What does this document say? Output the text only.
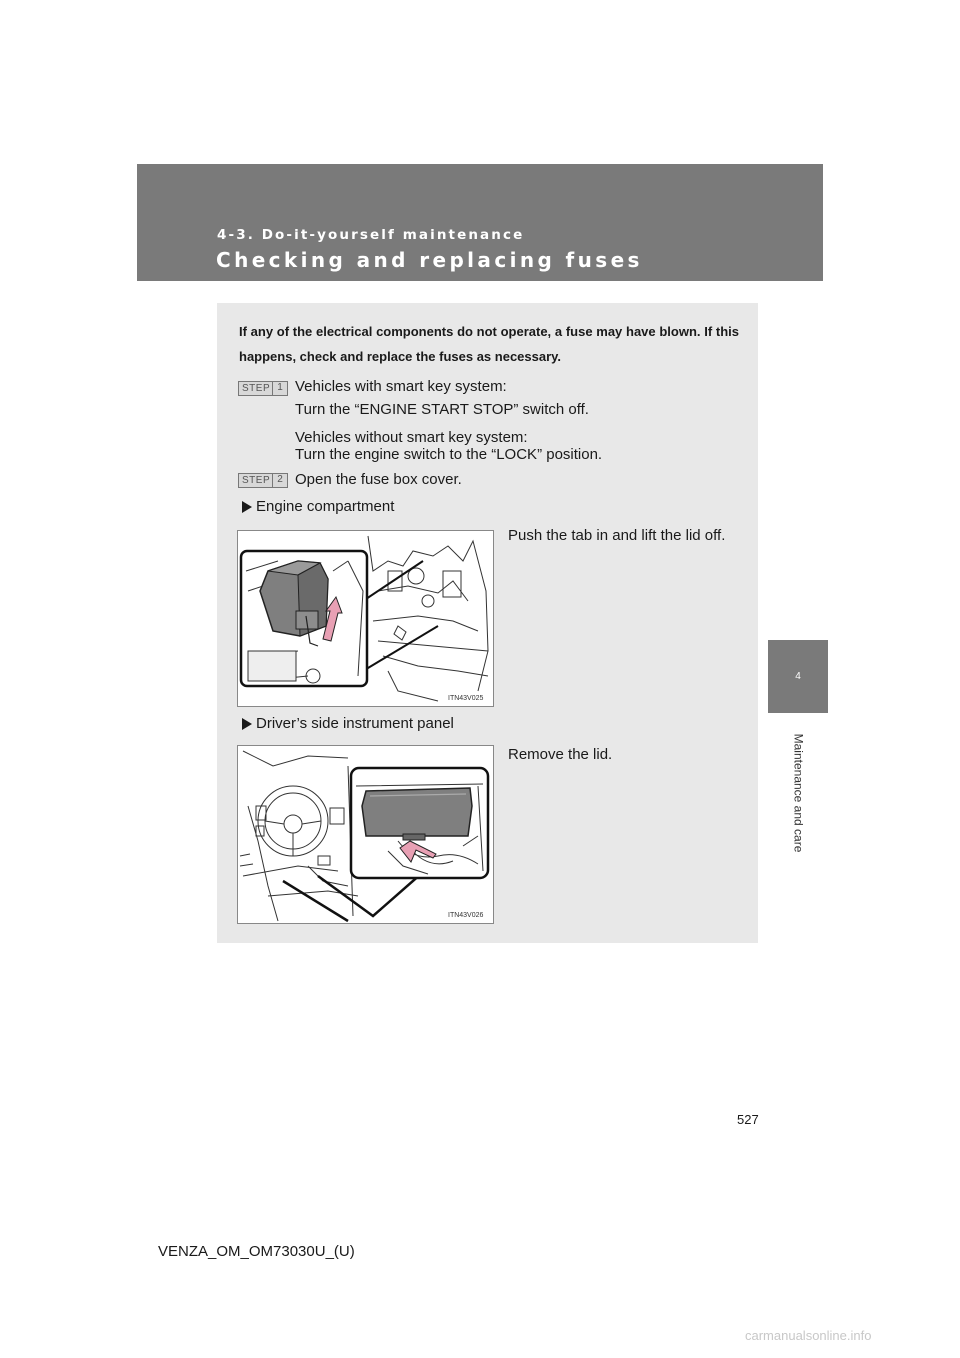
4-3. Do-it-yourself maintenance
Checking and replacing fuses
4
Maintenance and care
If any of the electrical components do not operate, a fuse may have blown. If this happens, check and replace the fuses as necessary.
STEP 1 Vehicles with smart key system:
Turn the “ENGINE START STOP” switch off.
Vehicles without smart key system:
Turn the engine switch to the “LOCK” position.
STEP 2 Open the fuse box cover.
Engine compartment
Push the tab in and lift the lid off.
ITN43V025
Driver’s side instrument panel
Remove the lid.
ITN43V026
527
VENZA_OM_OM73030U_(U)
carmanualsonline.info
